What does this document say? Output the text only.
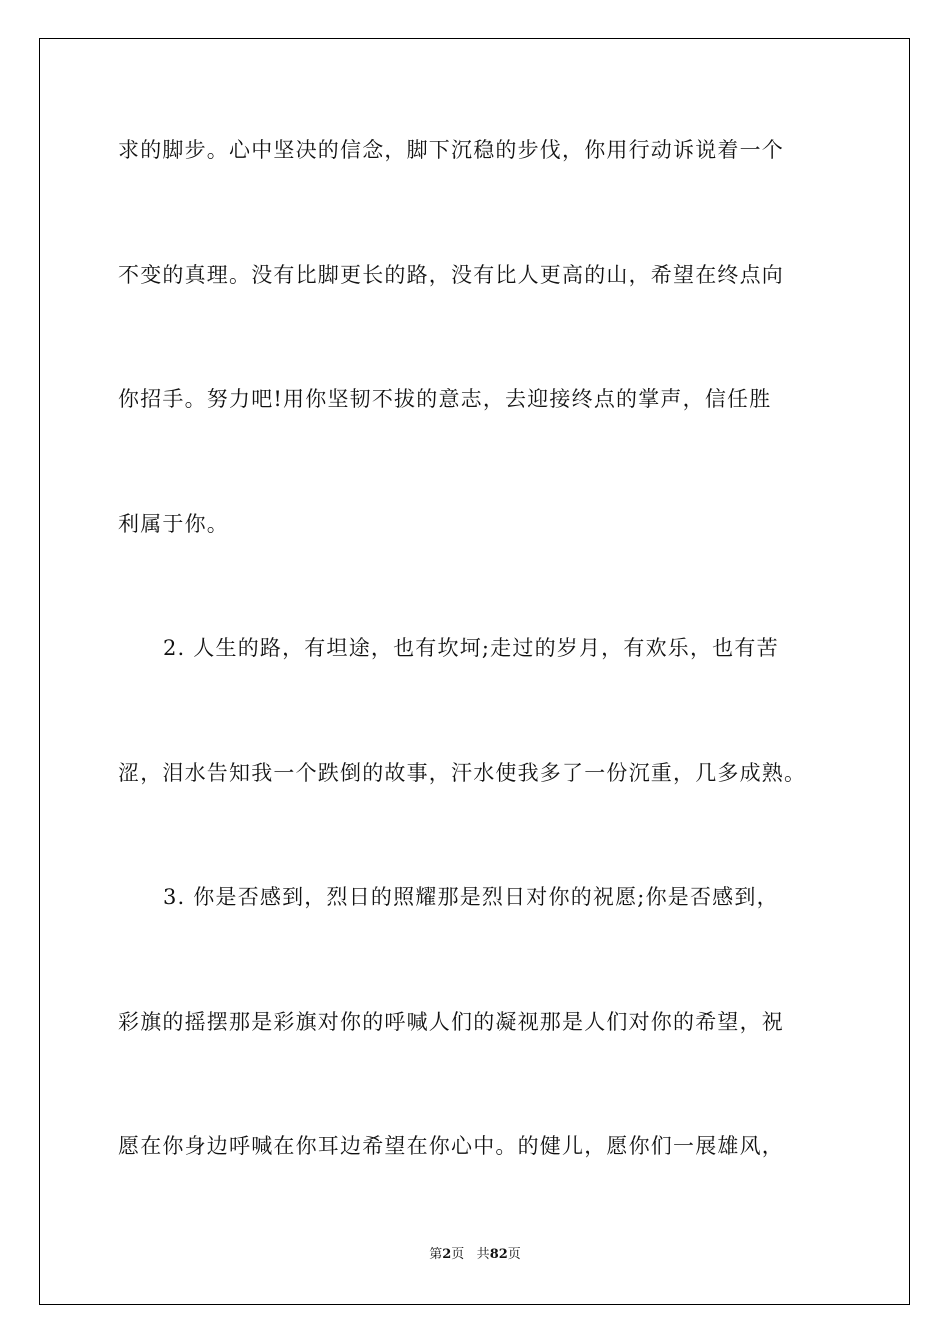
求的脚步。心中坚决的信念，脚下沉稳的步伐，你用行动诉说着一个

不变的真理。没有比脚更长的路，没有比人更高的山，希望在终点向

你招手。努力吧!用你坚韧不拔的意志，去迎接终点的掌声，信任胜

利属于你。

2. 人生的路，有坦途，也有坎坷;走过的岁月，有欢乐，也有苦

涩，泪水告知我一个跌倒的故事，汗水使我多了一份沉重，几多成熟。

3. 你是否感到，烈日的照耀那是烈日对你的祝愿;你是否感到，

彩旗的摇摆那是彩旗对你的呼喊人们的凝视那是人们对你的希望，祝

愿在你身边呼喊在你耳边希望在你心中。的健儿，愿你们一展雄风，

第2页 共82页
